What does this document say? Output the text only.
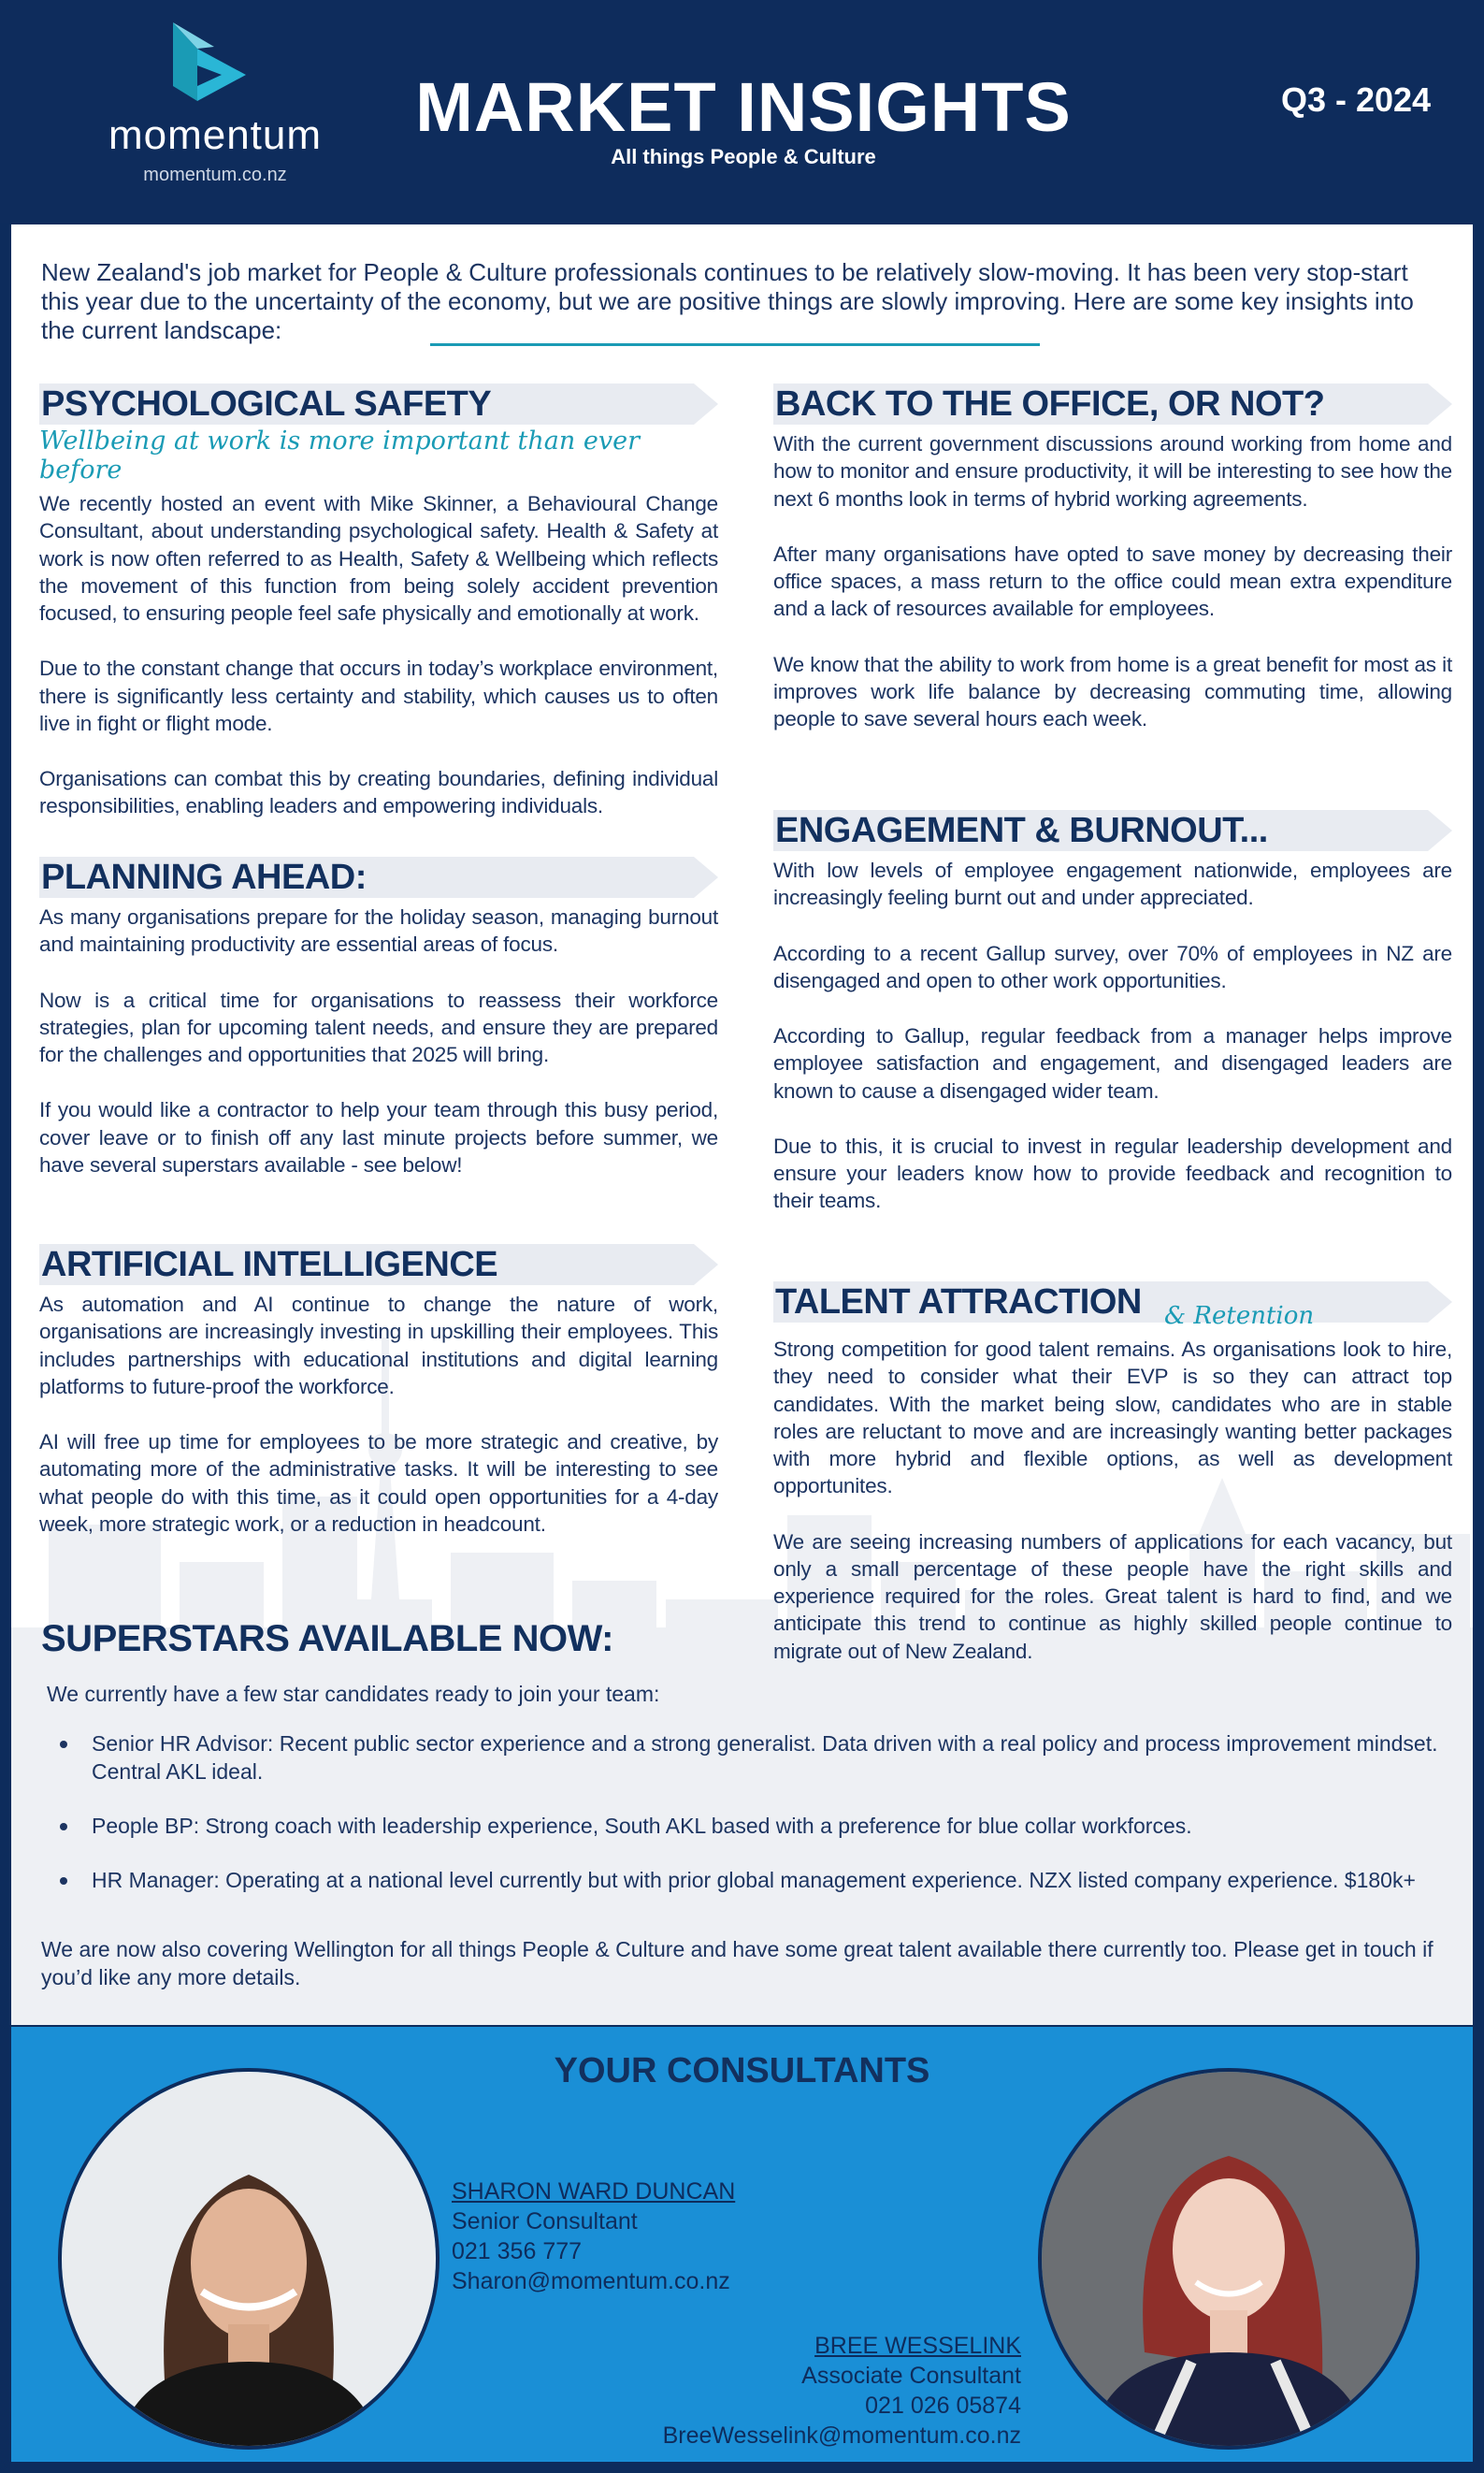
momentum
momentum.co.nz
MARKET INSIGHTS
All things People & Culture
Q3 - 2024
New Zealand's job market for People & Culture professionals continues to be relatively slow-moving. It has been very stop-start this year due to the uncertainty of the economy, but we are positive things are slowly improving. Here are some key insights into the current landscape:
PSYCHOLOGICAL SAFETY
Wellbeing at work is more important than ever before

We recently hosted an event with Mike Skinner, a Behavioural Change Consultant, about understanding psychological safety. Health & Safety at work is now often referred to as Health, Safety & Wellbeing which reflects the movement of this function from being solely accident prevention focused, to ensuring people feel safe physically and emotionally at work.

Due to the constant change that occurs in today’s workplace environment, there is significantly less certainty and stability, which causes us to often live in fight or flight mode.

Organisations can combat this by creating boundaries, defining individual responsibilities, enabling leaders and empowering individuals.

PLANNING AHEAD:

As many organisations prepare for the holiday season, managing burnout and maintaining productivity are essential areas of focus.

Now is a critical time for organisations to reassess their workforce strategies, plan for upcoming talent needs, and ensure they are prepared for the challenges and opportunities that 2025 will bring.

If you would like a contractor to help your team through this busy period, cover leave or to finish off any last minute projects before summer, we have several superstars available - see below!

ARTIFICIAL INTELLIGENCE

As automation and AI continue to change the nature of work, organisations are increasingly investing in upskilling their employees. This includes partnerships with educational institutions and digital learning platforms to future-proof the workforce.

AI will free up time for employees to be more strategic and creative, by automating more of the administrative tasks. It will be interesting to see what people do with this time, as it could open opportunities for a 4-day week, more strategic work, or a reduction in headcount.

BACK TO THE OFFICE, OR NOT?

With the current government discussions around working from home and how to monitor and ensure productivity, it will be interesting to see how the next 6 months look in terms of hybrid working agreements.

After many organisations have opted to save money by decreasing their office spaces, a mass return to the office could mean extra expenditure and a lack of resources available for employees.

We know that the ability to work from home is a great benefit for most as it improves work life balance by decreasing commuting time, allowing people to save several hours each week.

ENGAGEMENT & BURNOUT...

With low levels of employee engagement nationwide, employees are increasingly feeling burnt out and under appreciated.

According to a recent Gallup survey, over 70% of employees in NZ are disengaged and open to other work opportunities.

According to Gallup, regular feedback from a manager helps improve employee satisfaction and engagement, and disengaged leaders are known to cause a disengaged wider team.

Due to this, it is crucial to invest in regular leadership development and ensure your leaders know how to provide feedback and recognition to their teams.

TALENT ATTRACTION & Retention

Strong competition for good talent remains. As organisations look to hire, they need to consider what their EVP is so they can attract top candidates. With the market being slow, candidates who are in stable roles are reluctant to move and are increasingly wanting better packages with more hybrid and flexible options, as well as development opportunites.

We are seeing increasing numbers of applications for each vacancy, but only a small percentage of these people have the right skills and experience required for the roles. Great talent is hard to find, and we anticipate this trend to continue as highly skilled people continue to migrate out of New Zealand.

SUPERSTARS AVAILABLE NOW:
We currently have a few star candidates ready to join your team:
Senior HR Advisor: Recent public sector experience and a strong generalist. Data driven with a real policy and process improvement mindset. Central AKL ideal.
People BP: Strong coach with leadership experience, South AKL based with a preference for blue collar workforces.
HR Manager: Operating at a national level currently but with prior global management experience. NZX listed company experience. $180k+
We are now also covering Wellington for all things People & Culture and have some great talent available there currently too. Please get in touch if you’d like any more details.
YOUR CONSULTANTS
SHARON WARD DUNCAN
Senior Consultant
021 356 777
Sharon@momentum.co.nz
BREE WESSELINK
Associate Consultant
021 026 05874
BreeWesselink@momentum.co.nz
